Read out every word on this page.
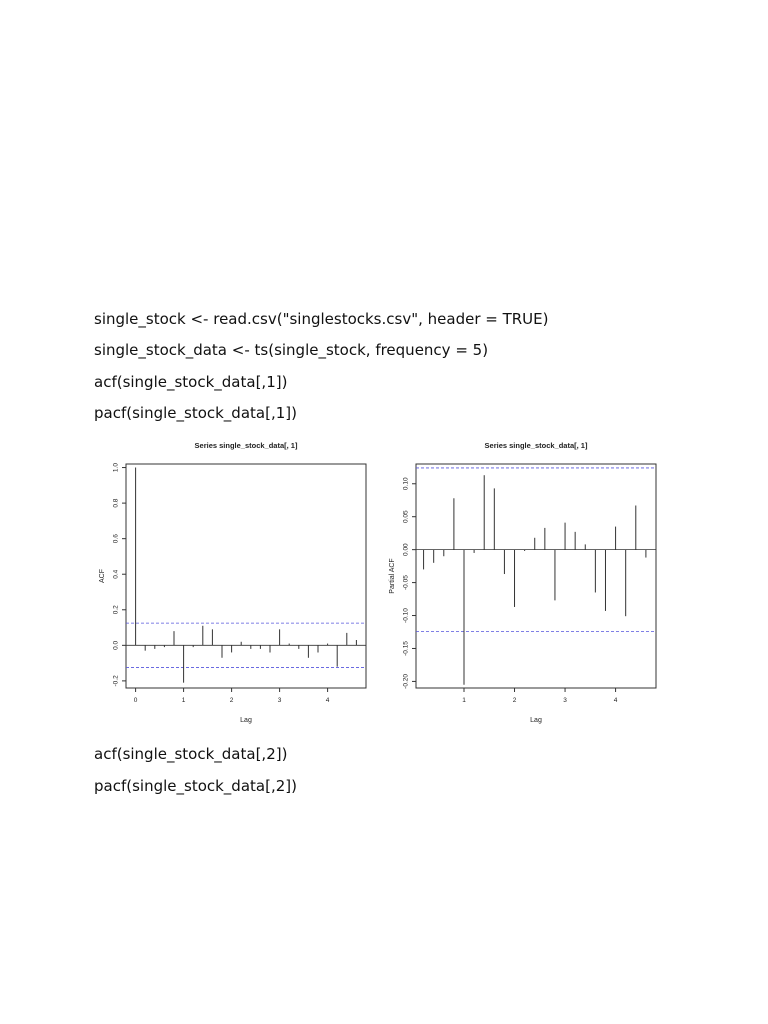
single_stock <- read.csv("singlestocks.csv", header = TRUE)
single_stock_data <- ts(single_stock, frequency = 5)
acf(single_stock_data[,1])
pacf(single_stock_data[,1])
Series single_stock_data[, 1]
Lag
ACF
0	1	2	3	4
-0.2
0.0
0.2
0.4
0.6
0.8
1.0
Series single_stock_data[, 1]
Lag
Partial ACF
1	2	3	4
-0.20
-0.15
-0.10
-0.05
0.00
0.05
0.10
acf(single_stock_data[,2])
pacf(single_stock_data[,2])
